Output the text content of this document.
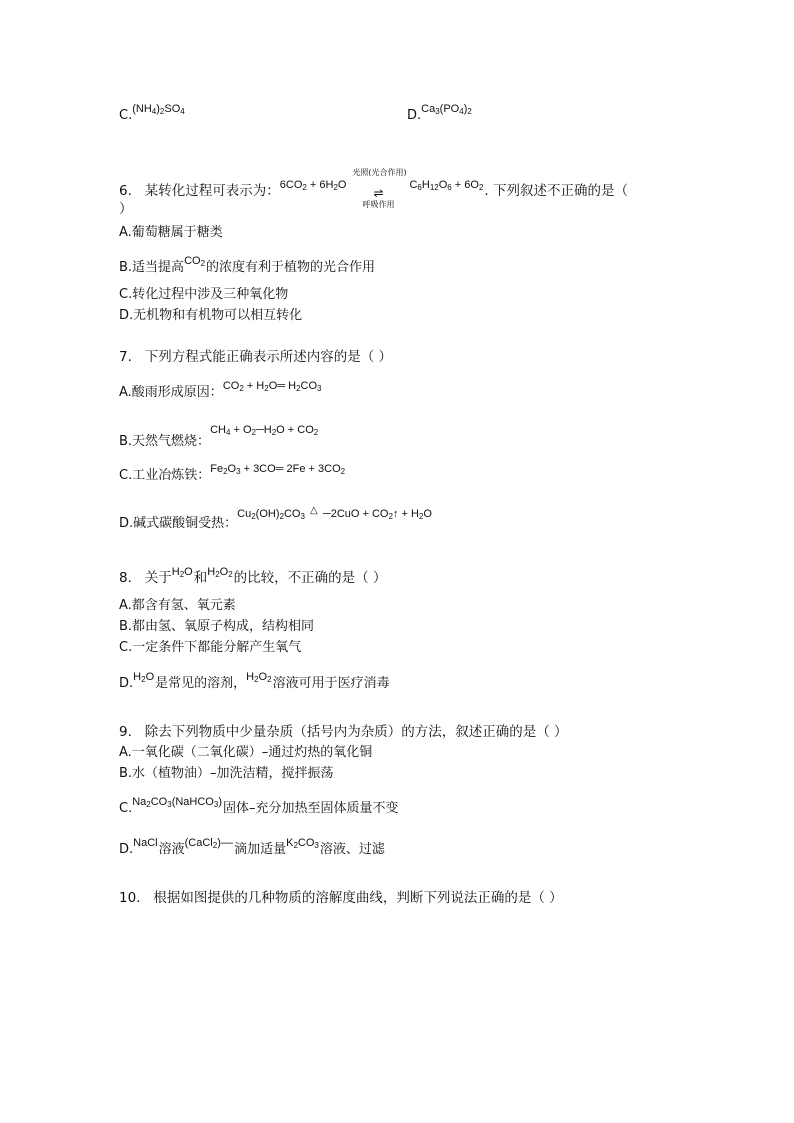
C.$^{(NH_4)_2SO_4}$	D.$^{Ca_3(PO_4)_2}$
6. 某转化过程可表示为：$^{6CO_2 + 6H_2O}$
光照(光合作用)
⇌
呼吸作用
$^{C_6H_{12}O_6 + 6O_2}$. 下列叙述不正确的是（
）
A.葡萄糖属于糖类
B.适当提高$^{CO_2}$的浓度有利于植物的光合作用
C.转化过程中涉及三种氧化物
D.无机物和有机物可以相互转化
7. 下列方程式能正确表示所述内容的是（ ）
A.酸雨形成原因：$^{CO_2 + H_2O═ H_2CO_3}$
B.天然气燃烧：$^{CH_4 + O_2─H_2O + CO_2}$
C.工业冶炼铁：$^{Fe_2O_3 + 3CO═ 2Fe + 3CO_2}$
D.碱式碳酸铜受热：$^{Cu_2(OH)_2CO_3 \triangle ─2CuO + CO_2↑ + H_2O}$
8. 关于$^{H_2O}$和$^{H_2O_2}$的比较，不正确的是（ ）
A.都含有氢、氧元素
B.都由氢、氧原子构成，结构相同
C.一定条件下都能分解产生氧气
D.$^{H_2O}$是常见的溶剂，$^{H_2O_2}$溶液可用于医疗消毒
9. 除去下列物质中少量杂质（括号内为杂质）的方法，叙述正确的是（ ）
A.一氧化碳（二氧化碳）–通过灼热的氧化铜
B.水（植物油）–加洗洁精，搅拌振荡
C.$^{Na_2CO_3(NaHCO_3)}$固体–充分加热至固体质量不变
D.$^{NaCl}$溶液$^{(CaCl_2)--}$滴加适量$^{K_2CO_3}$溶液、过滤
10. 根据如图提供的几种物质的溶解度曲线，判断下列说法正确的是（ ）
